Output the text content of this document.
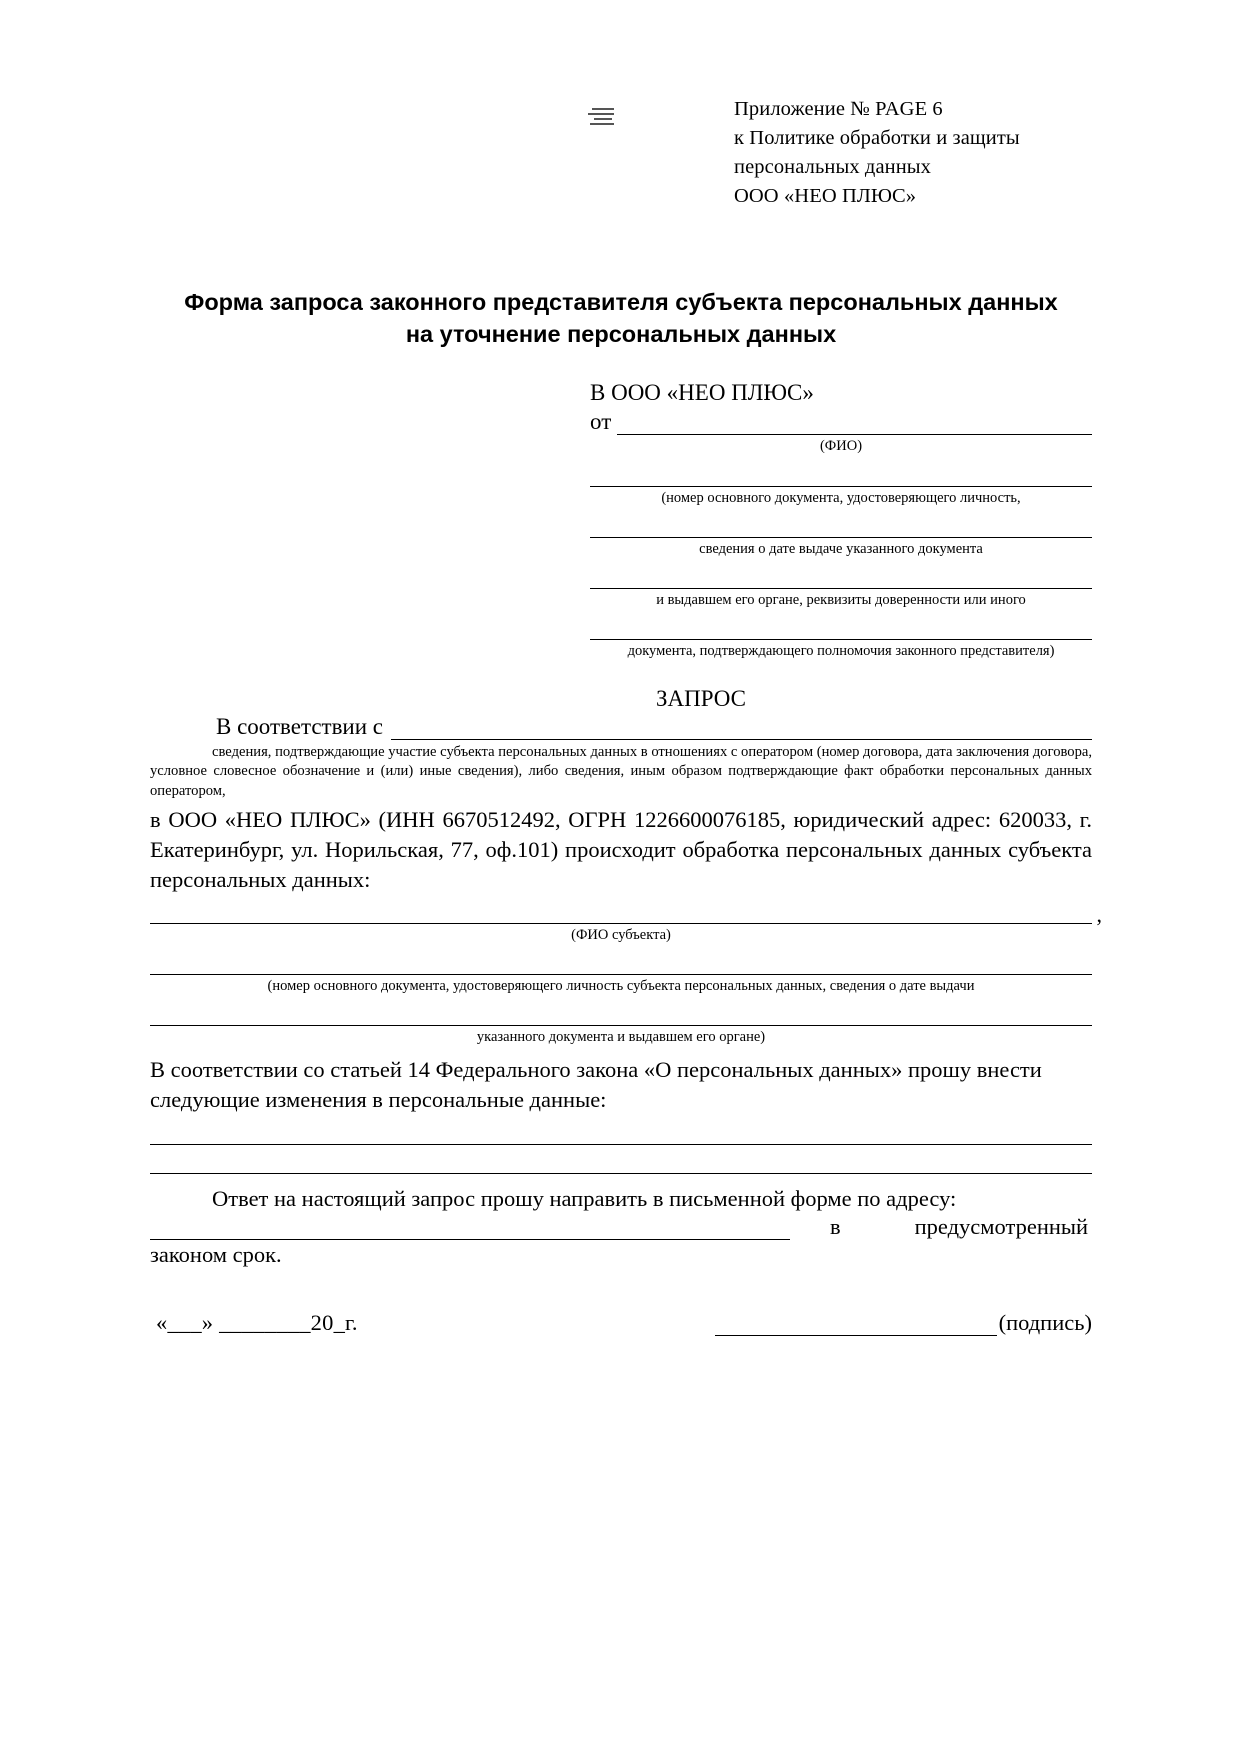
Приложение № PAGE 6
к Политике обработки и защиты
персональных данных
ООО «НЕО ПЛЮС»
Форма запроса законного представителя субъекта персональных данных
на уточнение персональных данных
В ООО «НЕО ПЛЮС»
от
(ФИО)
(номер основного документа, удостоверяющего личность,
сведения о дате выдаче указанного документа
и выдавшем его органе, реквизиты доверенности или иного
документа, подтверждающего полномочия законного представителя)
ЗАПРОС
В соответствии с
сведения, подтверждающие участие субъекта персональных данных в отношениях с оператором (номер договора, дата заключения договора, условное словесное обозначение и (или) иные сведения), либо сведения, иным образом подтверждающие факт обработки персональных данных оператором,
в ООО «НЕО ПЛЮС» (ИНН 6670512492, ОГРН 1226600076185, юридический адрес: 620033, г. Екатеринбург, ул. Норильская, 77, оф.101) происходит обработка персональных данных субъекта персональных данных:
,
(ФИО субъекта)
(номер основного документа, удостоверяющего личность субъекта персональных данных, сведения о дате выдачи
указанного документа и выдавшем его органе)
В соответствии со статьей 14 Федерального закона «О персональных данных» прошу внести следующие изменения в персональные данные:
Ответ на настоящий запрос прошу направить в письменной форме по адресу:
в	предусмотренный
законом срок.
«___» ________20_г.	(подпись)
